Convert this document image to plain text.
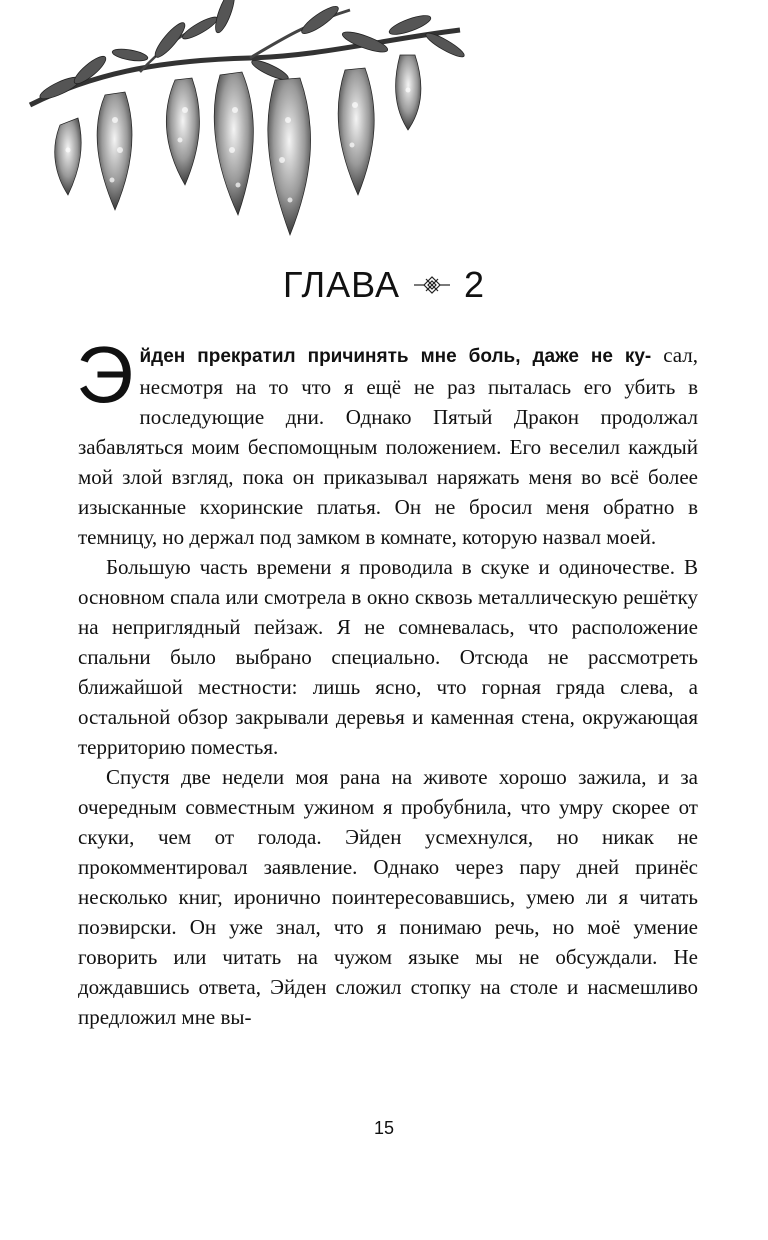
ГЛАВА 2

Эйден прекратил причинять мне боль, даже не ку- сал, несмотря на то что я ещё не раз пыталась его убить в последующие дни. Однако Пятый Дракон продолжал забавляться моим беспомощным положением. Его веселил каждый мой злой взгляд, пока он приказывал наряжать меня во всё более изысканные кхоринские платья. Он не бросил меня обратно в темницу, но держал под замком в комнате, которую назвал моей.

Большую часть времени я проводила в скуке и одиночестве. В основном спала или смотрела в окно сквозь металлическую решётку на неприглядный пейзаж. Я не сомневалась, что расположение спальни было выбрано специально. Отсюда не рассмотреть ближайшой местности: лишь ясно, что горная гряда слева, а остальной обзор закрывали деревья и каменная стена, окружающая территорию поместья.

Спустя две недели моя рана на животе хорошо зажила, и за очередным совместным ужином я пробубнила, что умру скорее от скуки, чем от голода. Эйден усмехнулся, но никак не прокомментировал заявление. Однако через пару дней принёс несколько книг, иронично поинтересовавшись, умею ли я читать поэвирски. Он уже знал, что я понимаю речь, но моё умение говорить или читать на чужом языке мы не обсуждали. Не дождавшись ответа, Эйден сложил стопку на столе и насмешливо предложил мне вы-

15
